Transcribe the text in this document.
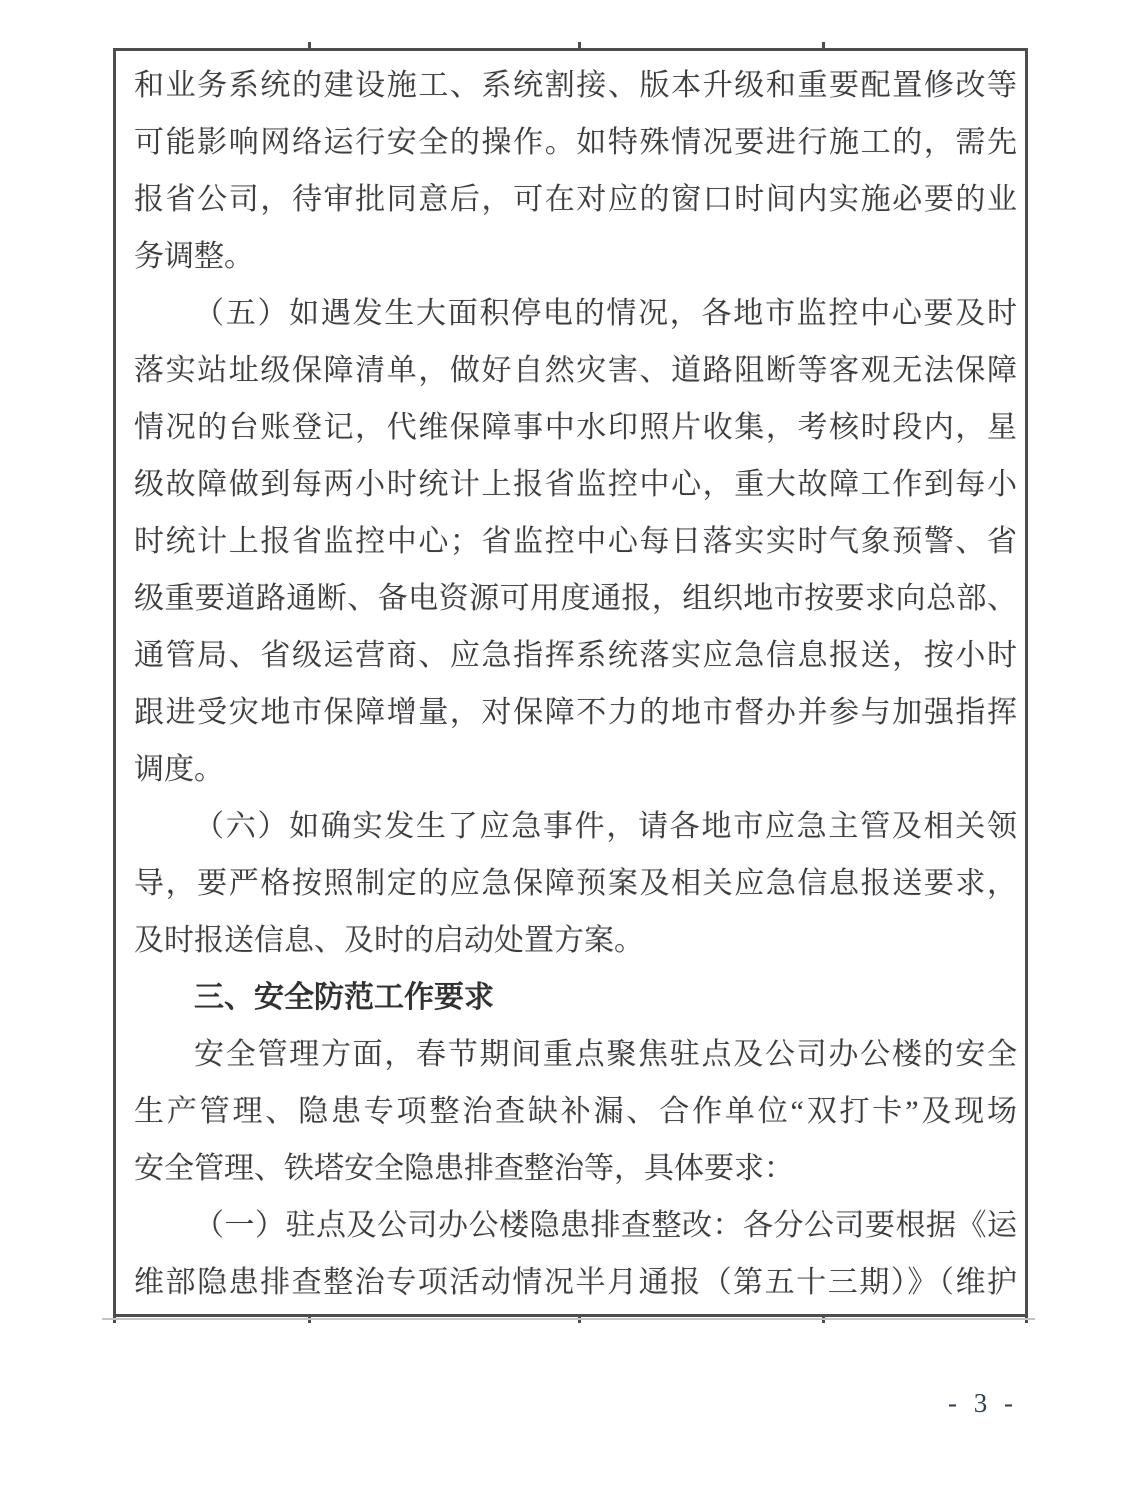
和业务系统的建设施工、系统割接、版本升级和重要配置修改等
可能影响网络运行安全的操作。如特殊情况要进行施工的，需先
报省公司，待审批同意后，可在对应的窗口时间内实施必要的业
务调整。
（五）如遇发生大面积停电的情况，各地市监控中心要及时
落实站址级保障清单，做好自然灾害、道路阻断等客观无法保障
情况的台账登记，代维保障事中水印照片收集，考核时段内，星
级故障做到每两小时统计上报省监控中心，重大故障工作到每小
时统计上报省监控中心；省监控中心每日落实实时气象预警、省
级重要道路通断、备电资源可用度通报，组织地市按要求向总部、
通管局、省级运营商、应急指挥系统落实应急信息报送，按小时
跟进受灾地市保障增量，对保障不力的地市督办并参与加强指挥
调度。
（六）如确实发生了应急事件，请各地市应急主管及相关领
导，要严格按照制定的应急保障预案及相关应急信息报送要求，
及时报送信息、及时的启动处置方案。
三、安全防范工作要求
安全管理方面，春节期间重点聚焦驻点及公司办公楼的安全
生产管理、隐患专项整治查缺补漏、合作单位“双打卡”及现场
安全管理、铁塔安全隐患排查整治等，具体要求：
（一）驻点及公司办公楼隐患排查整改：各分公司要根据《运
维部隐患排查整治专项活动情况半月通报（第五十三期）》（维护
- 3 -
